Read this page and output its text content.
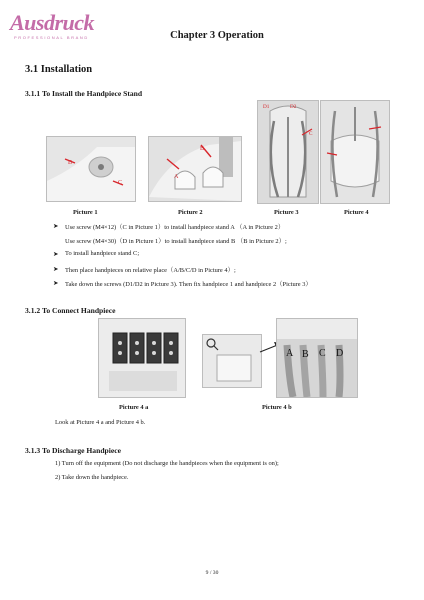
Ausdruck
PROFESSIONAL BRAND	Chapter 3 Operation
3.1 Installation
3.1.1 To Install the Handpiece Stand
D
C
A
B
D1	D2
C
Picture 1	Picture 2	Picture 3	Picture 4
➤ Use screw (M4×12)（C in Picture 1）to install handpiece stand A （A in Picture 2）
Use screw (M4×30)（D in Picture 1）to install handpiece stand B （B in Picture 2）;
➤ To install handpiece stand C;
➤ Then place handpieces on relative place（A/B/C/D in Picture 4）;
➤ Take down the screws (D1/D2 in Picture 3). Then fix handpiece 1 and handpiece 2（Picture 3）
3.1.2 To Connect Handpiece
A B C D
Picture 4 a	Picture 4 b
Look at Picture 4 a and Picture 4 b.
3.1.3 To Discharge Handpiece
1) Turn off the equipment (Do not discharge the handpieces when the equipment is on);
2) Take down the handpiece.
9 / 30
